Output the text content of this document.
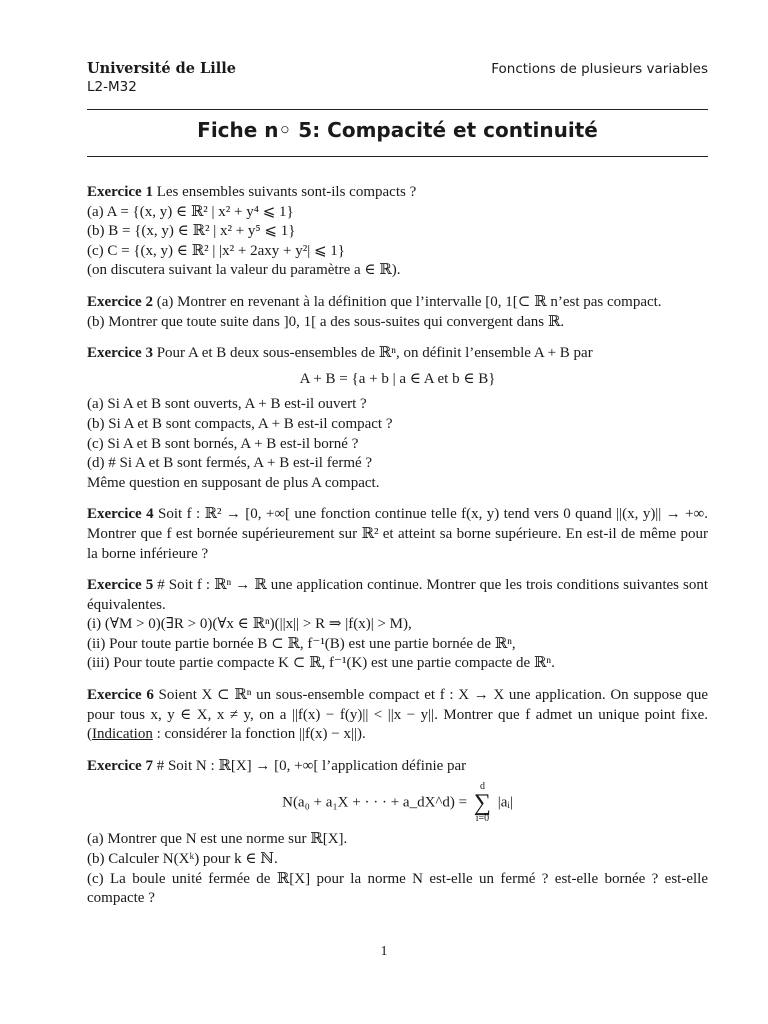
Université de Lille
L2-M32
Fonctions de plusieurs variables
Fiche n◦ 5: Compacité et continuité
Exercice 1 Les ensembles suivants sont-ils compacts ?
(a) A = {(x, y) ∈ ℝ² | x² + y⁴ ⩽ 1}
(b) B = {(x, y) ∈ ℝ² | x² + y⁵ ⩽ 1}
(c) C = {(x, y) ∈ ℝ² | |x² + 2axy + y²| ⩽ 1}
(on discutera suivant la valeur du paramètre a ∈ ℝ).
Exercice 2 (a) Montrer en revenant à la définition que l’intervalle [0, 1[⊂ ℝ n’est pas compact.
(b) Montrer que toute suite dans ]0, 1[ a des sous-suites qui convergent dans ℝ.
Exercice 3 Pour A et B deux sous-ensembles de ℝⁿ, on définit l’ensemble A + B par
A + B = {a + b | a ∈ A et b ∈ B}
(a) Si A et B sont ouverts, A + B est-il ouvert ?
(b) Si A et B sont compacts, A + B est-il compact ?
(c) Si A et B sont bornés, A + B est-il borné ?
(d) # Si A et B sont fermés, A + B est-il fermé ?
Même question en supposant de plus A compact.
Exercice 4 Soit f : ℝ² → [0, +∞[ une fonction continue telle f(x, y) tend vers 0 quand ||(x, y)|| → +∞. Montrer que f est bornée supérieurement sur ℝ² et atteint sa borne supérieure. En est-il de même pour la borne inférieure ?
Exercice 5 # Soit f : ℝⁿ → ℝ une application continue. Montrer que les trois conditions suivantes sont équivalentes.
(i) (∀M > 0)(∃R > 0)(∀x ∈ ℝⁿ)(||x|| > R ⇒ |f(x)| > M),
(ii) Pour toute partie bornée B ⊂ ℝ, f⁻¹(B) est une partie bornée de ℝⁿ,
(iii) Pour toute partie compacte K ⊂ ℝ, f⁻¹(K) est une partie compacte de ℝⁿ.
Exercice 6 Soient X ⊂ ℝⁿ un sous-ensemble compact et f : X → X une application. On suppose que pour tous x, y ∈ X, x ≠ y, on a ||f(x) − f(y)|| < ||x − y||. Montrer que f admet un unique point fixe. (Indication : considérer la fonction ||f(x) − x||).
Exercice 7 # Soit N : ℝ[X] → [0, +∞[ l’application définie par
N(a₀ + a₁X + · · · + a_dX^d) =
d
∑
i=0
|aᵢ|
(a) Montrer que N est une norme sur ℝ[X].
(b) Calculer N(Xᵏ) pour k ∈ ℕ.
(c) La boule unité fermée de ℝ[X] pour la norme N est-elle un fermé ? est-elle bornée ? est-elle compacte ?
1
